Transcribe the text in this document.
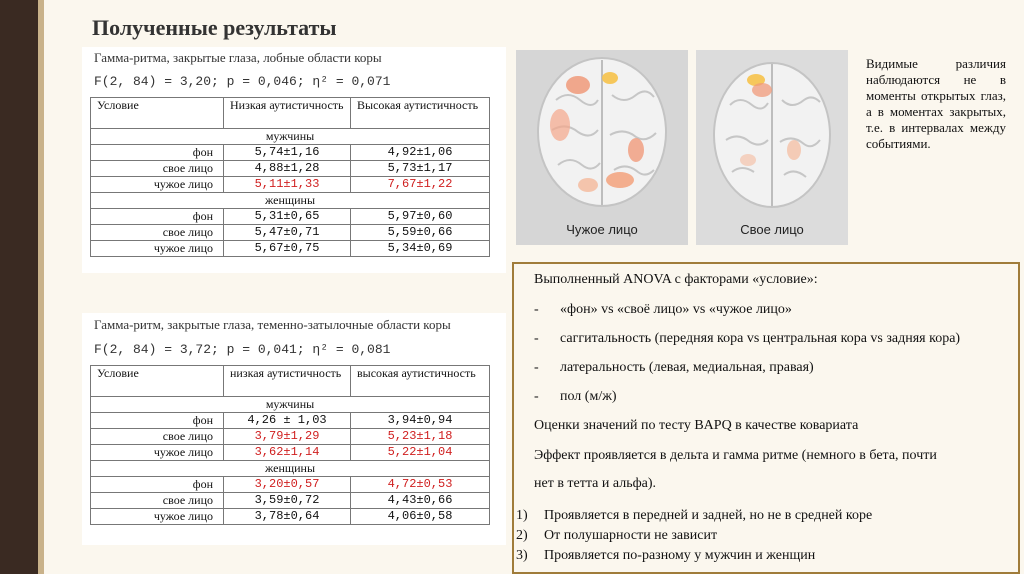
Полученные результаты
Гамма-ритма, закрытые глаза, лобные области коры
F(2, 84) = 3,20; p = 0,046; η² = 0,071
Условие	Низкая аутистичность	Высокая аутистичность
мужчины		
фон	5,74±1,16	4,92±1,06
свое лицо	4,88±1,28	5,73±1,17
чужое лицо	5,11±1,33	7,67±1,22
женщины		
фон	5,31±0,65	5,97±0,60
свое лицо	5,47±0,71	5,59±0,66
чужое лицо	5,67±0,75	5,34±0,69
Гамма-ритм, закрытые глаза, теменно-затылочные области коры
F(2, 84) = 3,72; p = 0,041; η² = 0,081
Условие	низкая аутистичность	высокая аутистичность
мужчины		
фон	4,26 ± 1,03	3,94±0,94
свое лицо	3,79±1,29	5,23±1,18
чужое лицо	3,62±1,14	5,22±1,04
женщины		
фон	3,20±0,57	4,72±0,53
свое лицо	3,59±0,72	4,43±0,66
чужое лицо	3,78±0,64	4,06±0,58
Чужое лицо	Свое лицо
Видимые различия наблюдаются не в моменты открытых глаз, а в моментах закрытых, т.е. в интервалах между событиями.
Выполненный ANOVA с факторами «условие»:
- «фон» vs «своё лицо» vs «чужое лицо»
- саггитальность (передняя кора vs центральная кора vs задняя кора)
- латеральность (левая, медиальная, правая)
- пол (м/ж)
Оценки значений по тесту BAPQ в качестве ковариата
Эффект проявляется в дельта и гамма ритме (немного в бета, почти
нет в тетта и альфа).
1) Проявляется в передней и задней, но не в средней коре
2) От полушарности не зависит
3) Проявляется по-разному у мужчин и женщин
